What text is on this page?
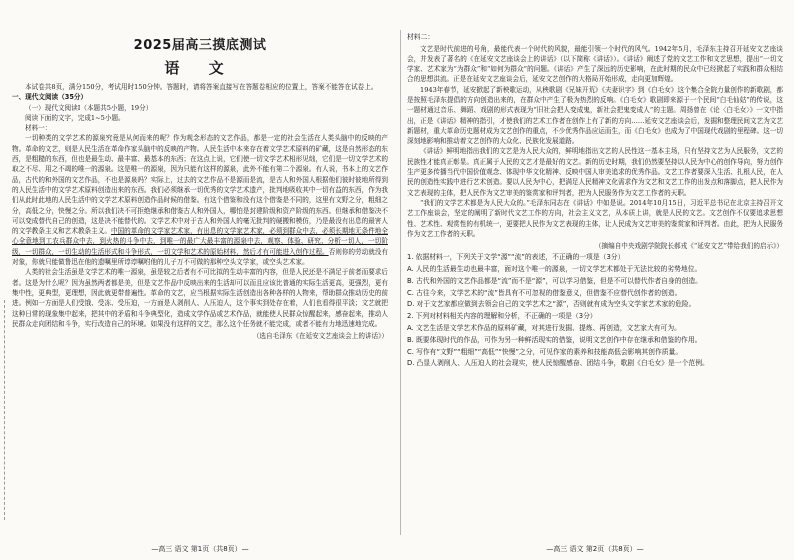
2025届高三摸底测试
语 文

本试卷共8页，满分150分，考试用时150分钟。答题时，请将答案直接写在答题卷相应的位置上，答案不能答在试卷上。

一、现代文阅读（35分）

（一）现代文阅读Ⅰ（本题共5小题，19分）

阅读下面的文字，完成1~5小题。

材料一：

一切种类的文学艺术的源泉究竟是从何而来的呢？作为观念形态的文艺作品，都是一定的社会生活在人类头脑中的反映的产物。革命的文艺，则是人民生活在革命作家头脑中的反映的产物。人民生活中本来存在着文学艺术原料的矿藏，这是自然形态的东西，是粗糙的东西，但也是最生动、最丰富、最基本的东西；在这点上说，它们使一切文学艺术相形见绌，它们是一切文学艺术的取之不尽、用之不竭的唯一的源泉。这是唯一的源泉，因为只能有这样的源泉，此外不能有第二个源泉。有人说，书本上的文艺作品，古代的和外国的文艺作品，不也是源泉吗？实际上，过去的文艺作品不是源而是流，是古人和外国人根据他们彼时彼地所得到的人民生活中的文学艺术原料创造出来的东西。我们必须继承一切优秀的文学艺术遗产，批判地吸收其中一切有益的东西，作为我们从此时此地的人民生活中的文学艺术原料创造作品时候的借鉴。有这个借鉴和没有这个借鉴是不同的，这里有文野之分，粗细之分，高低之分，快慢之分。所以我们决不可拒绝继承和借鉴古人和外国人，哪怕是封建阶级和资产阶级的东西。但继承和借鉴决不可以变成替代自己的创造，这是决不能替代的。文学艺术中对于古人和外国人的毫无批判的硬搬和模仿，乃是最没有出息的最害人的文学教条主义和艺术教条主义。中国的革命的文学家艺术家，有出息的文学家艺术家，必须到群众中去，必须长期地无条件地全心全意地到工农兵群众中去，到火热的斗争中去，到唯一的最广大最丰富的源泉中去，观察、体验、研究、分析一切人，一切阶级，一切群众，一切生动的生活形式和斗争形式，一切文学和艺术的原始材料，然后才有可能进入创作过程。否则你的劳动就没有对象，你就只能做鲁迅在他的遗嘱里所谆谆嘱咐他的儿子万不可做的那种空头文学家，或空头艺术家。

人类的社会生活虽是文学艺术的唯一源泉，虽是较之后者有不可比拟的生动丰富的内容，但是人民还是不满足于前者而要求后者。这是为什么呢？因为虽然两者都是美，但是文艺作品中反映出来的生活却可以而且应该比普通的实际生活更高，更强烈，更有集中性，更典型，更理想，因此就更带普遍性。革命的文艺，应当根据实际生活创造出各种各样的人物来，帮助群众推动历史的前进。例如一方面是人们受饿、受冻、受压迫，一方面是人剥削人、人压迫人，这个事实到处存在着，人们也看得很平淡；文艺就把这种日常的现象集中起来，把其中的矛盾和斗争典型化，造成文学作品或艺术作品，就能使人民群众惊醒起来，感奋起来，推动人民群众走向团结和斗争，实行改造自己的环境。如果没有这样的文艺，那么这个任务就不能完成，或者不能有力地迅速地完成。

（选自毛泽东《在延安文艺座谈会上的讲话》）

—高三 语文 第1页（共8页）—

材料二：

文艺是时代前进的号角，最能代表一个时代的风貌，最能引领一个时代的风气。1942年5月，毛泽东主持召开延安文艺座谈会，并发表了著名的《在延安文艺座谈会上的讲话》（以下简称《讲话》）。《讲话》阐述了党的文艺工作和文艺思想，提出“一切文学家、艺术家为“为群众”和“如何为群众”的问题。《讲话》产生了深远的历史影响，在此时期的民众中已经掀起了实践和群众相结合的思想洪流。正是在延安文艺座谈会后，延安文艺创作的大格局开始形成，走向更加辉煌。

1943年春节，延安掀起了新秧歌运动，从秧歌剧《兄妹开荒》《夫妻识字》到《白毛女》这个集合全院力量创作的新歌剧，都是按照毛泽东提倡的方向创造出来的，在群众中产生了极为热烈的反响。《白毛女》歌剧即来源于一个民间“白毛仙姑”的传说，这一题材通过音乐、舞蹈、戏剧的形式表现为“旧社会把人变成鬼，新社会把鬼变成人”的主题。周扬曾在《论〈白毛女〉》一文中指出，正是《讲话》精神的指引，才使我们的艺术工作者在创作上有了新的方向……延安文艺座谈会后，发掘和整理民间文艺为文艺新题材，重大革命历史题材成为文艺创作的重点，不少优秀作品应运而生，而《白毛女》也成为了中国现代戏剧的里程碑。这一切深刻地影响和推动着文艺创作的大众化、民族化发展道路。

《讲话》鲜明地指出我们的文艺是为人民大众的，鲜明地指出文艺的人民性这一基本主场，只有坚持文艺为人民服务，文艺的民族性才能真正彰显。真正属于人民的文艺才是最好的文艺。新的历史时期，我们仍然要坚持以人民为中心的创作导向，努力创作生产更多传播当代中国价值观念、体现中华文化精神、反映中国人审美追求的优秀作品。文艺工作者要深入生活、扎根人民，在人民的创造性实践中进行艺术创造。要以人民为中心，把满足人民精神文化需求作为文艺和文艺工作的出发点和落脚点，把人民作为文艺表现的主体，把人民作为文艺审美的鉴赏家和评判者，把为人民服务作为文艺工作者的天职。

“我们的文学艺术都是为人民大众的。”毛泽东同志在《讲话》中如是说。2014年10月15日，习近平总书记在北京主持召开文艺工作座谈会，坚定的阐明了新时代文艺工作的方向，社会主义文艺，从本质上讲，就是人民的文艺。文艺创作不仅要追求思想性、艺术性、观赏性的有机统一，更要把人民作为文艺表现的主体，让人民成为文艺审美的鉴赏家和评判者。由此，把为人民服务作为文艺工作者的天职。

（摘编自中央戏剧学院院长郝戎《“延安文艺”带给我们的启示》）

1. 依据材料一，下列关于文学“源”“流”的表述，不正确的一项是（3分）

A. 人民的生活最生动也最丰富，面对这个唯一的源泉，一切文学艺术都处于无法比较的劣势地位。

B. 古代和外国的文艺作品都是“流”而不是“源”，可以学习借鉴，但是不可以替代作者自身的创造。

C. 古往今来，文学艺术的“流”皆具有不可忽视的借鉴意义，但借鉴不应替代创作者的创造。

D. 对于文艺家都应做到去领会自己的文学艺术之“源”，否则就有成为空头文学家艺术家的危险。

2. 下列对材料相关内容的理解和分析，不正确的一项是（3分）

A. 文艺生活是文学艺术作品的原料矿藏，对其进行发掘、提炼、再创造，文艺家大有可为。

B. 既要体现时代的作品，可作为另一种鲜活现实的借鉴，说明文艺创作中存在继承和借鉴的作用。

C. 写作有“文野”“粗细”“高低”“快慢”之分，可见作家的素养和技能高低会影响其创作质量。

D. 凸显人剥削人、人压迫人的社会现实，使人民惊醒感奋、团结斗争，歌剧《白毛女》是一个范例。

—高三 语文 第2页（共8页）—
